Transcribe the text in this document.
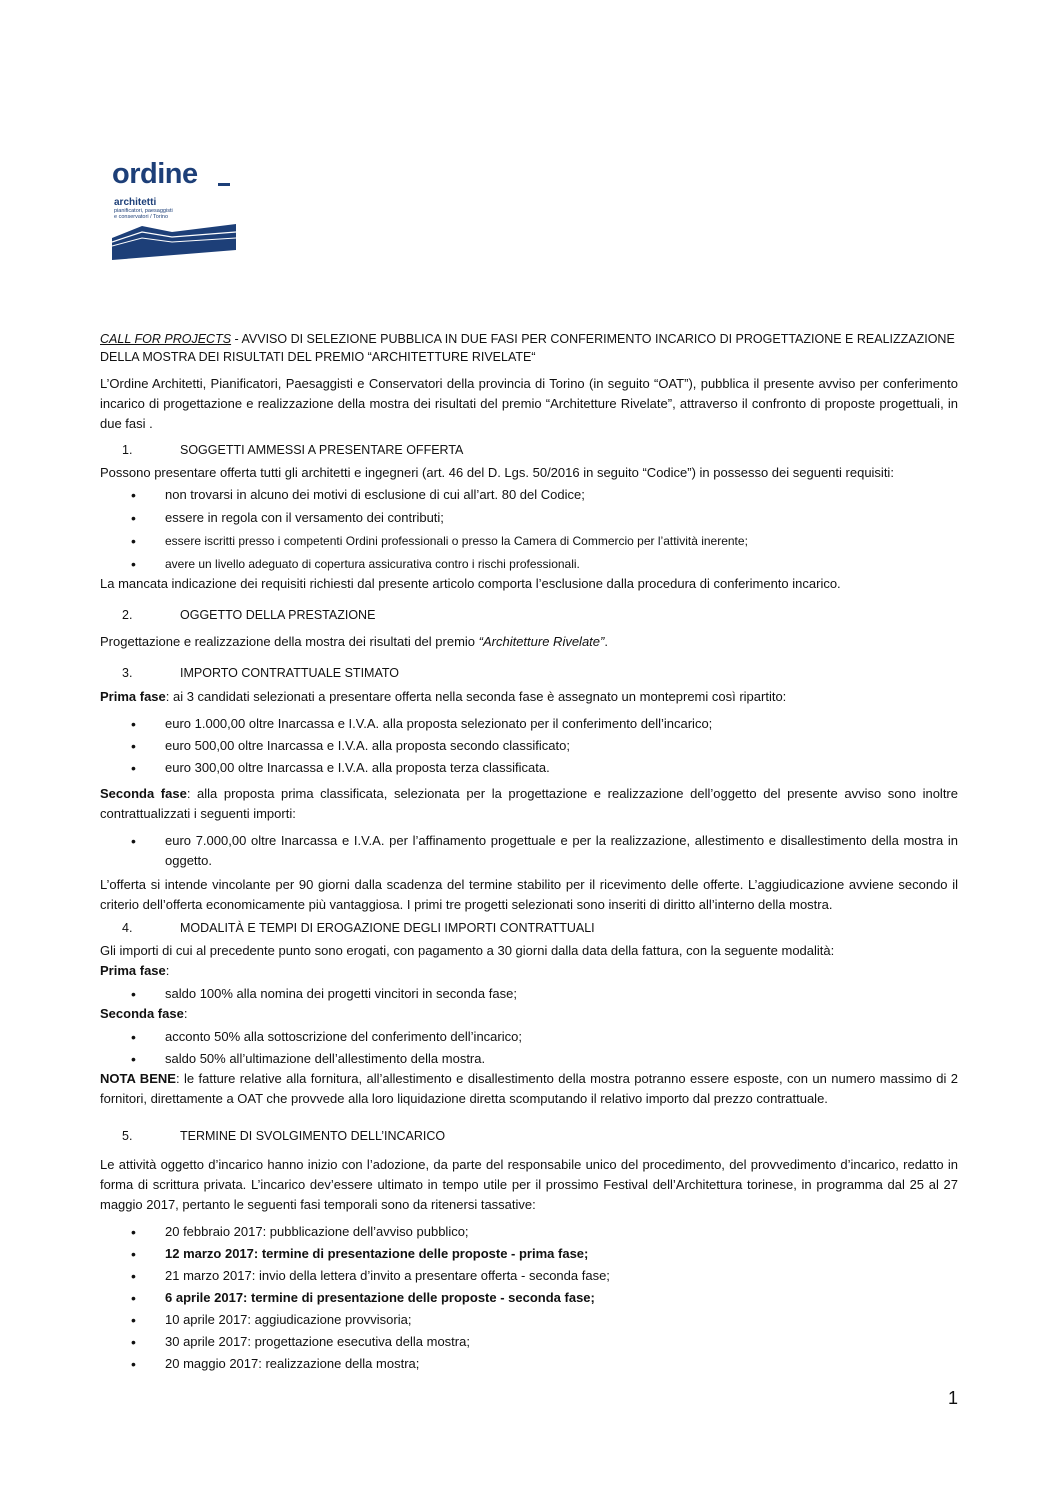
ordine
architetti
pianificatori, paesaggisti
e conservatori / Torino

CALL FOR PROJECTS - AVVISO DI SELEZIONE PUBBLICA IN DUE FASI PER CONFERIMENTO INCARICO DI PROGETTAZIONE E REALIZZAZIONE DELLA MOSTRA DEI RISULTATI DEL PREMIO “ARCHITETTURE RIVELATE“

L’Ordine Architetti, Pianificatori, Paesaggisti e Conservatori della provincia di Torino (in seguito “OAT”), pubblica il presente avviso per conferimento incarico di progettazione e realizzazione della mostra dei risultati del premio “Architetture Rivelate”, attraverso il confronto di proposte progettuali, in due fasi .

1.	SOGGETTI AMMESSI A PRESENTARE OFFERTA

Possono presentare offerta tutti gli architetti e ingegneri (art. 46 del D. Lgs. 50/2016 in seguito “Codice”) in possesso dei seguenti requisiti:

•	non trovarsi in alcuno dei motivi di esclusione di cui all’art. 80 del Codice;
•	essere in regola con il versamento dei contributi;
•	essere iscritti presso i competenti Ordini professionali o presso la Camera di Commercio per l’attività inerente;
•	avere un livello adeguato di copertura assicurativa contro i rischi professionali.

La mancata indicazione dei requisiti richiesti dal presente articolo comporta l’esclusione dalla procedura di conferimento incarico.

2.	OGGETTO DELLA PRESTAZIONE

Progettazione e realizzazione della mostra dei risultati del premio “Architetture Rivelate”.

3.	IMPORTO CONTRATTUALE STIMATO

Prima fase: ai 3 candidati selezionati a presentare offerta nella seconda fase è assegnato un montepremi così ripartito:

•	euro 1.000,00 oltre Inarcassa e I.V.A. alla proposta selezionato per il conferimento dell’incarico;
•	euro 500,00 oltre Inarcassa e I.V.A. alla proposta secondo classificato;
•	euro 300,00 oltre Inarcassa e I.V.A. alla proposta terza classificata.

Seconda fase: alla proposta prima classificata, selezionata per la progettazione e realizzazione dell’oggetto del presente avviso sono inoltre contrattualizzati i seguenti importi:

•	euro 7.000,00 oltre Inarcassa e I.V.A. per l’affinamento progettuale e per la realizzazione, allestimento e disallestimento della mostra in oggetto.

L’offerta si intende vincolante per 90 giorni dalla scadenza del termine stabilito per il ricevimento delle offerte. L’aggiudicazione avviene secondo il criterio dell’offerta economicamente più vantaggiosa. I primi tre progetti selezionati sono inseriti di diritto all’interno della mostra.

4.	MODALITÀ E TEMPI DI EROGAZIONE DEGLI IMPORTI CONTRATTUALI

Gli importi di cui al precedente punto sono erogati, con pagamento a 30 giorni dalla data della fattura, con la seguente modalità:

Prima fase:

•	saldo 100% alla nomina dei progetti vincitori in seconda fase;

Seconda fase:

•	acconto 50% alla sottoscrizione del conferimento dell’incarico;
•	saldo 50% all’ultimazione dell’allestimento della mostra.

NOTA BENE: le fatture relative alla fornitura, all’allestimento e disallestimento della mostra potranno essere esposte, con un numero massimo di 2 fornitori, direttamente a OAT che provvede alla loro liquidazione diretta scomputando il relativo importo dal prezzo contrattuale.

5.	TERMINE DI SVOLGIMENTO DELL’INCARICO

Le attività oggetto d’incarico hanno inizio con l’adozione, da parte del responsabile unico del procedimento, del provvedimento d’incarico, redatto in forma di scrittura privata. L’incarico dev’essere ultimato in tempo utile per il prossimo Festival dell’Architettura torinese, in programma dal 25 al 27 maggio 2017, pertanto le seguenti fasi temporali sono da ritenersi tassative:

•	20 febbraio 2017: pubblicazione dell’avviso pubblico;
•	12 marzo 2017: termine di presentazione delle proposte - prima fase;
•	21 marzo 2017: invio della lettera d’invito a presentare offerta - seconda fase;
•	6 aprile 2017: termine di presentazione delle proposte - seconda fase;
•	10 aprile 2017: aggiudicazione provvisoria;
•	30 aprile 2017: progettazione esecutiva della mostra;
•	20 maggio 2017: realizzazione della mostra;
1
